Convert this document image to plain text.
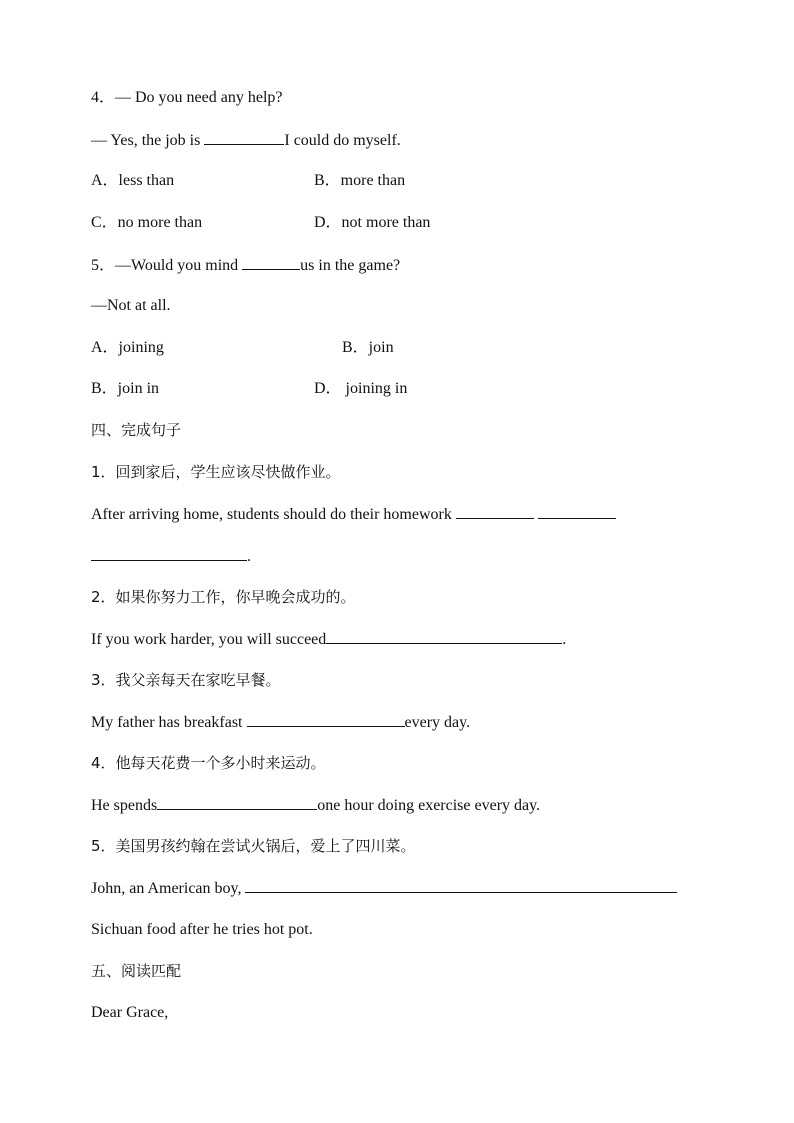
4．— Do you need any help?
— Yes, the job is	I could do myself.
A．less than	B．more than
C．no more than	D．not more than
5．—Would you mind	us in the game?
—Not at all.
A．joining	B．join
B．join in	D． joining in
四、完成句子
1．回到家后，学生应该尽快做作业。
After arriving home, students should do their homework
.
2．如果你努力工作，你早晚会成功的。
If you work harder, you will succeed	.
3．我父亲每天在家吃早餐。
My father has breakfast	every day.
4．他每天花费一个多小时来运动。
He spends	one hour doing exercise every day.
5．美国男孩约翰在尝试火锅后，爱上了四川菜。
John, an American boy,
Sichuan food after he tries hot pot.
五、阅读匹配
Dear Grace,
